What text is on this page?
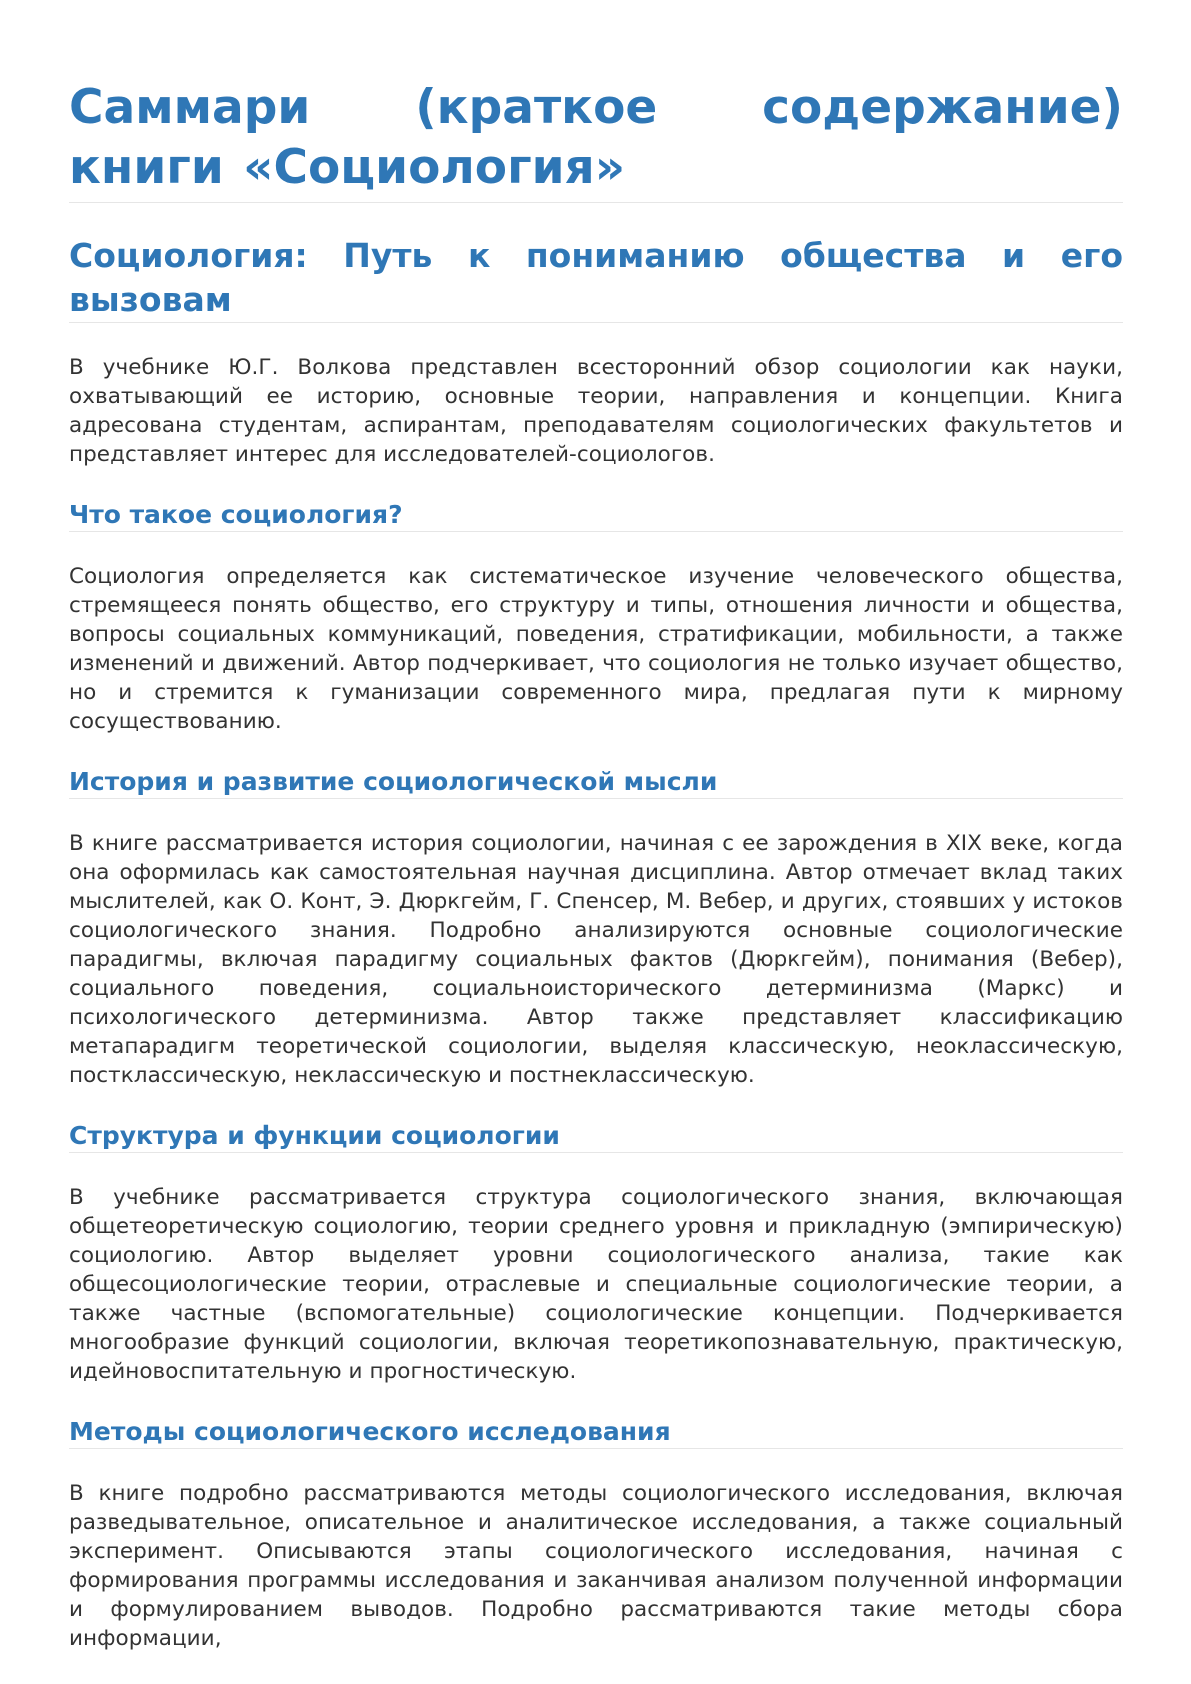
Саммари (краткое содержание) книги «Социология»
Социология: Путь к пониманию общества и его вызовам

В учебнике Ю.Г. Волкова представлен всесторонний обзор социологии как науки, охватывающий ее историю, основные теории, направления и концепции. Книга адресована студентам, аспирантам, преподавателям социологических факультетов и представляет интерес для исследователей-социологов.

Что такое социология?

Социология определяется как систематическое изучение человеческого общества, стремящееся понять общество, его структуру и типы, отношения личности и общества, вопросы социальных коммуникаций, поведения, стратификации, мобильности, а также изменений и движений. Автор подчеркивает, что социология не только изучает общество, но и стремится к гуманизации современного мира, предлагая пути к мирному сосуществованию.

История и развитие социологической мысли

В книге рассматривается история социологии, начиная с ее зарождения в XIX веке, когда она оформилась как самостоятельная научная дисциплина. Автор отмечает вклад таких мыслителей, как О. Конт, Э. Дюркгейм, Г. Спенсер, М. Вебер, и других, стоявших у истоков социологического знания. Подробно анализируются основные социологические парадигмы, включая парадигму социальных фактов (Дюркгейм), понимания (Вебер), социального поведения, социальноисторического детерминизма (Маркс) и психологического детерминизма. Автор также представляет классификацию метапарадигм теоретической социологии, выделяя классическую, неоклассическую, постклассическую, неклассическую и постнеклассическую.

Структура и функции социологии

В учебнике рассматривается структура социологического знания, включающая общетеоретическую социологию, теории среднего уровня и прикладную (эмпирическую) социологию. Автор выделяет уровни социологического анализа, такие как общесоциологические теории, отраслевые и специальные социологические теории, а также частные (вспомогательные) социологические концепции. Подчеркивается многообразие функций социологии, включая теоретикопознавательную, практическую, идейновоспитательную и прогностическую.

Методы социологического исследования

В книге подробно рассматриваются методы социологического исследования, включая разведывательное, описательное и аналитическое исследования, а также социальный эксперимент. Описываются этапы социологического исследования, начиная с формирования программы исследования и заканчивая анализом полученной информации и формулированием выводов. Подробно рассматриваются такие методы сбора информации,
